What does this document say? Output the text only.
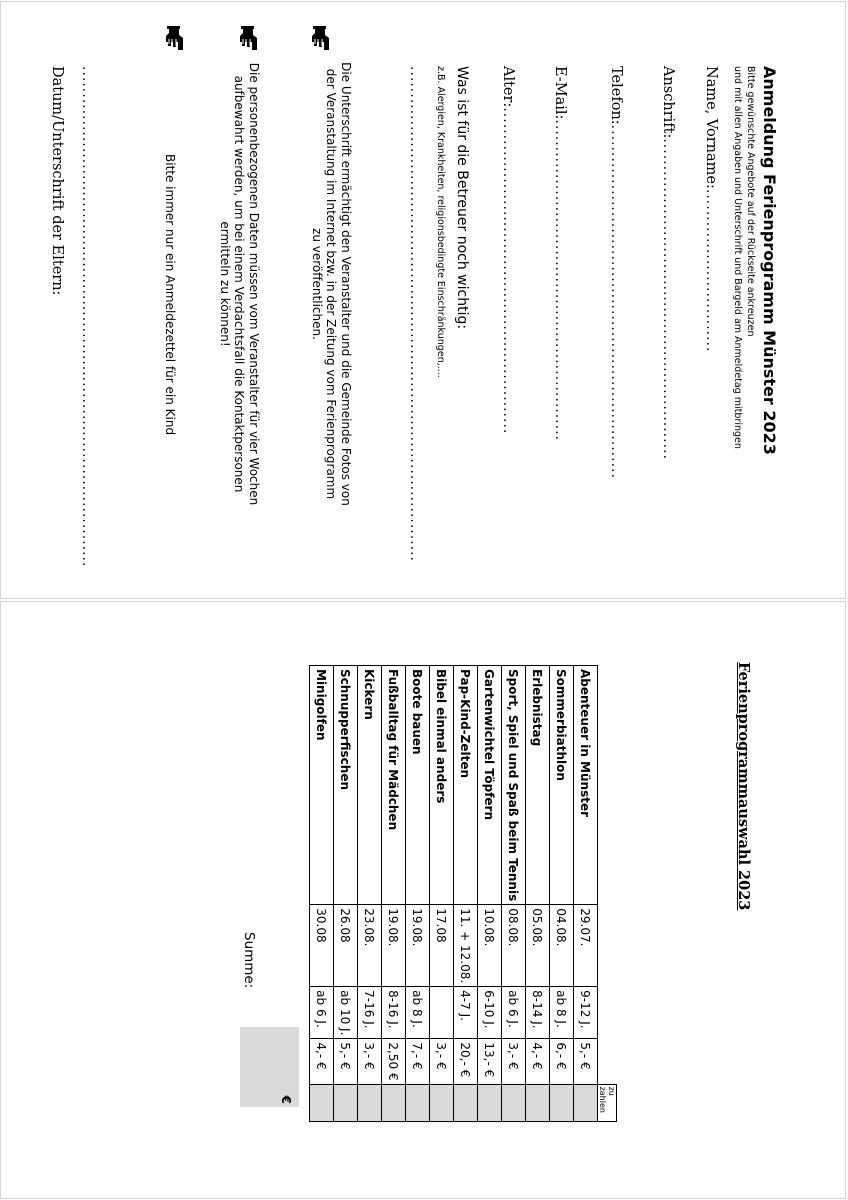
Anmeldung Ferienprogramm Münster 2023
Bitte gewünschte Angebote auf der Rückseite ankreuzen
und mit allen Angaben und Unterschrift und Bargeld am Anmeldetag mitbringen
Name, Vorname:..............................
Anschrift:...........................................................
Telefon:.................................................................
E-Mail:...........................................................
Alter:............................................................
Was ist für die Betreuer noch wichtig:
z.B. Alergien, Krankheiten, religionsbedingte Einschränkungen,....
...........................................................................................
Die Unterschrift ermächtigt den Veranstalter und die Gemeinde Fotos von der Veranstaltung im Internet bzw. in der Zeitung vom Ferienprogramm zu veröffentlichen.
Die personenbezogenen Daten müssen vom Veranstalter für vier Wochen aufbewahrt werden, um bei einem Verdachtsfall die Kontaktpersonen ermitteln zu können!
Bitte immer nur ein Anmeldezettel für ein Kind
............................................................................................
Datum/Unterschrift der Eltern:
Ferienprogrammauswahl 2023
				zu zahlen
Abenteuer in Münster	29.07.	9-12 J.	5,- €	
Sommerbiathlon	04.08.	ab 8 J.	6,- €	
Erlebnistag	05.08.	8-14 J.	4,- €	
Sport, Spiel und Spaß beim Tennis	08.08.	ab 6 J.	3,- €	
Gartenwichtel Töpfern	10.08.	6-10 J.	13,- €	
Pap-Kind-Zelten	11. + 12.08.	4-7 J.	20,- €	
Bibel einmal anders	17.08		3,- €	
Boote bauen	19.08.	ab 8 J.	7,- €	
Fußballtag für Mädchen	19.08.	8-16 J.	2,50 €	
Kickern	23.08.	7-16 J.	3,- €	
Schnupperfischen	26.08	ab 10 J.	5,- €	
Minigolfen	30.08	ab 6 J.	4,- €	
Summe:
€
